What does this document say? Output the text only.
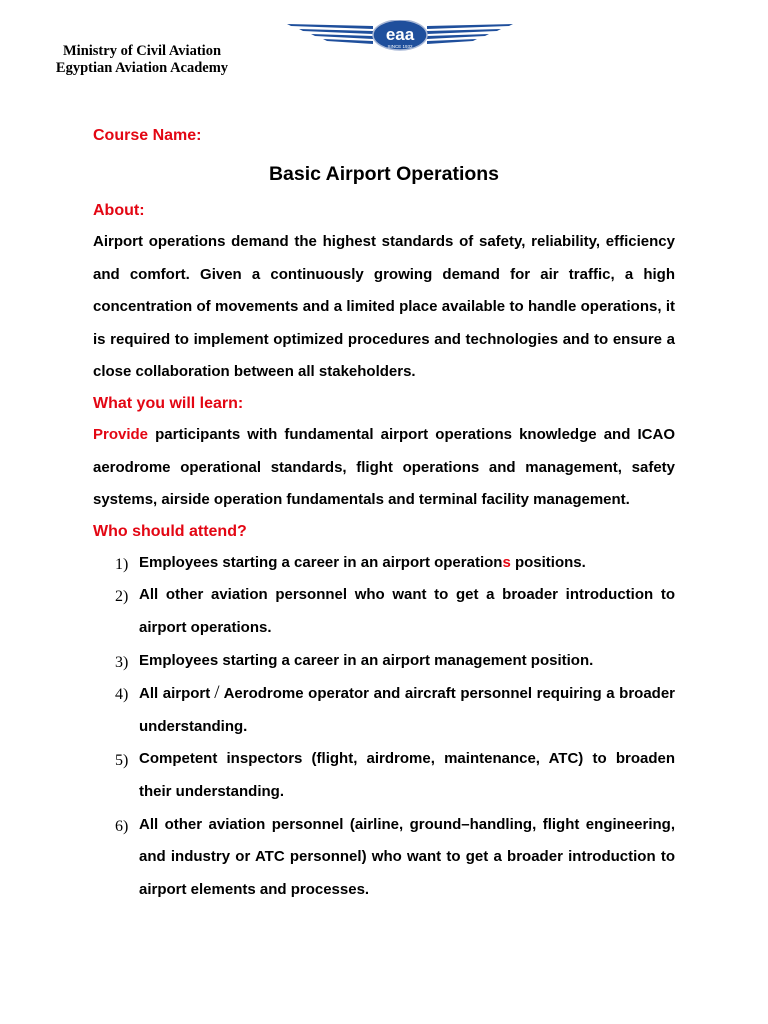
Ministry of Civil Aviation
Egyptian Aviation Academy
eaa
SINCE 1932
Course Name:
Basic Airport Operations
About:

Airport operations demand the highest standards of safety, reliability, efficiency and comfort. Given a continuously growing demand for air traffic, a high concentration of movements and a limited place available to handle operations, it is required to implement optimized procedures and technologies and to ensure a close collaboration between all stakeholders.

What you will learn:

Provide participants with fundamental airport operations knowledge and ICAO aerodrome operational standards, flight operations and management, safety systems, airside operation fundamentals and terminal facility management.

Who should attend?
1) Employees starting a career in an airport operations positions.
2) All other aviation personnel who want to get a broader introduction to airport operations.
3) Employees starting a career in an airport management position.
4) All airport / Aerodrome operator and aircraft personnel requiring a broader understanding.
5) Competent inspectors (flight, airdrome, maintenance, ATC) to broaden their understanding.
6) All other aviation personnel (airline, ground–handling, flight engineering, and industry or ATC personnel) who want to get a broader introduction to airport elements and processes.
